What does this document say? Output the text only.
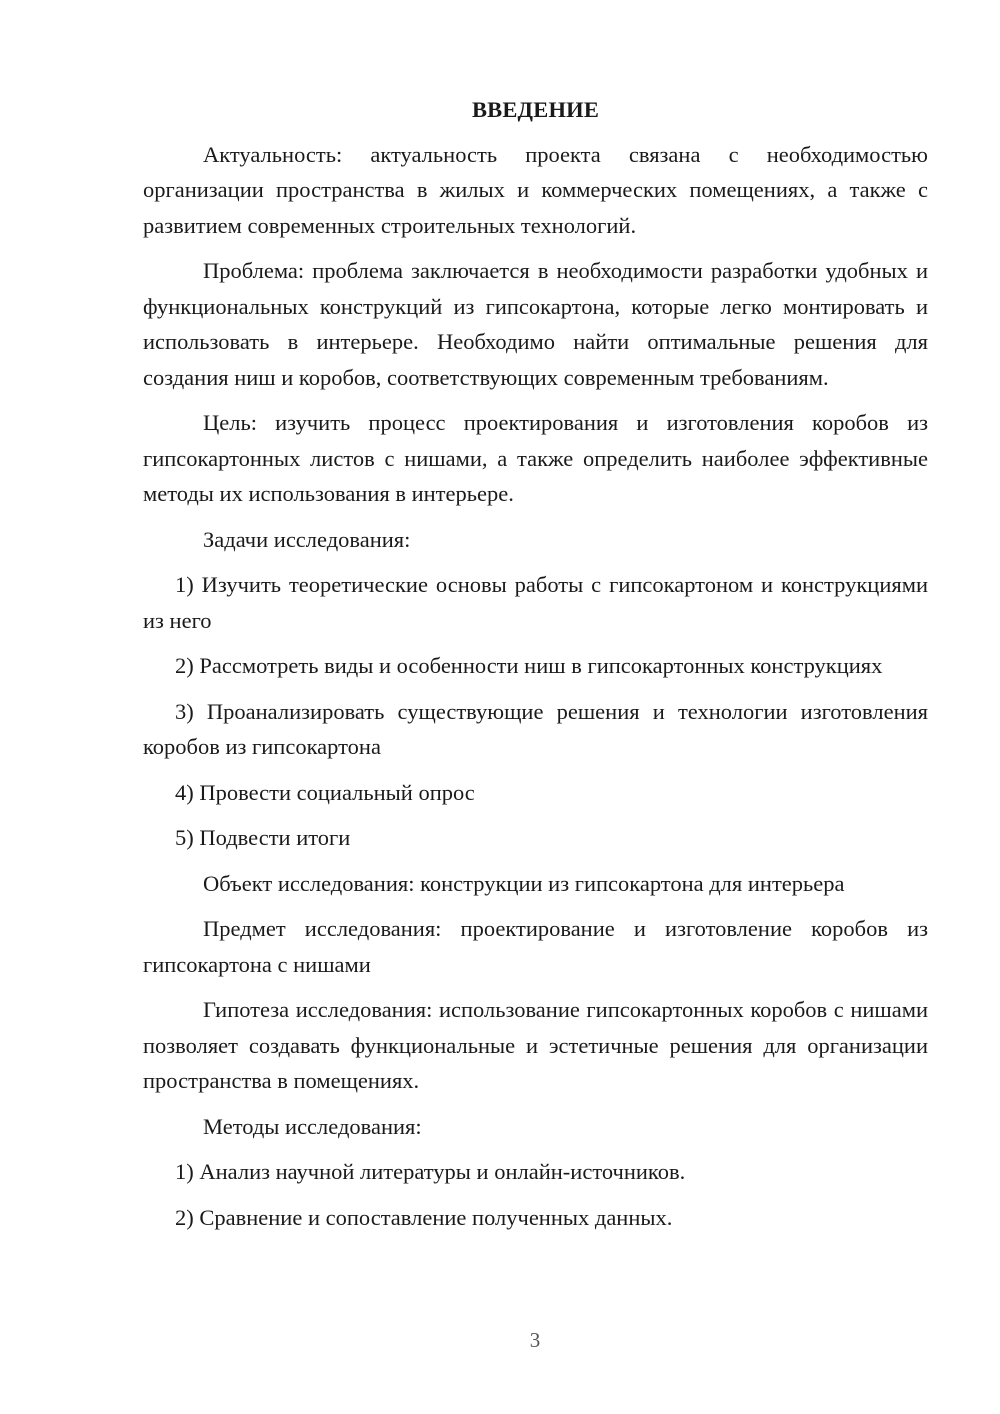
ВВЕДЕНИЕ

Актуальность: актуальность проекта связана с необходимостью организации пространства в жилых и коммерческих помещениях, а также с развитием современных строительных технологий.

Проблема: проблема заключается в необходимости разработки удобных и функциональных конструкций из гипсокартона, которые легко монтировать и использовать в интерьере. Необходимо найти оптимальные решения для создания ниш и коробов, соответствующих современным требованиям.

Цель: изучить процесс проектирования и изготовления коробов из гипсокартонных листов с нишами, а также определить наиболее эффективные методы их использования в интерьере.

Задачи исследования:

1) Изучить теоретические основы работы с гипсокартоном и конструкциями из него

2) Рассмотреть виды и особенности ниш в гипсокартонных конструкциях

3) Проанализировать существующие решения и технологии изготовления коробов из гипсокартона

4) Провести социальный опрос

5) Подвести итоги

Объект исследования: конструкции из гипсокартона для интерьера

Предмет исследования: проектирование и изготовление коробов из гипсокартона с нишами

Гипотеза исследования: использование гипсокартонных коробов с нишами позволяет создавать функциональные и эстетичные решения для организации пространства в помещениях.

Методы исследования:

1) Анализ научной литературы и онлайн-источников.

2) Сравнение и сопоставление полученных данных.

3
